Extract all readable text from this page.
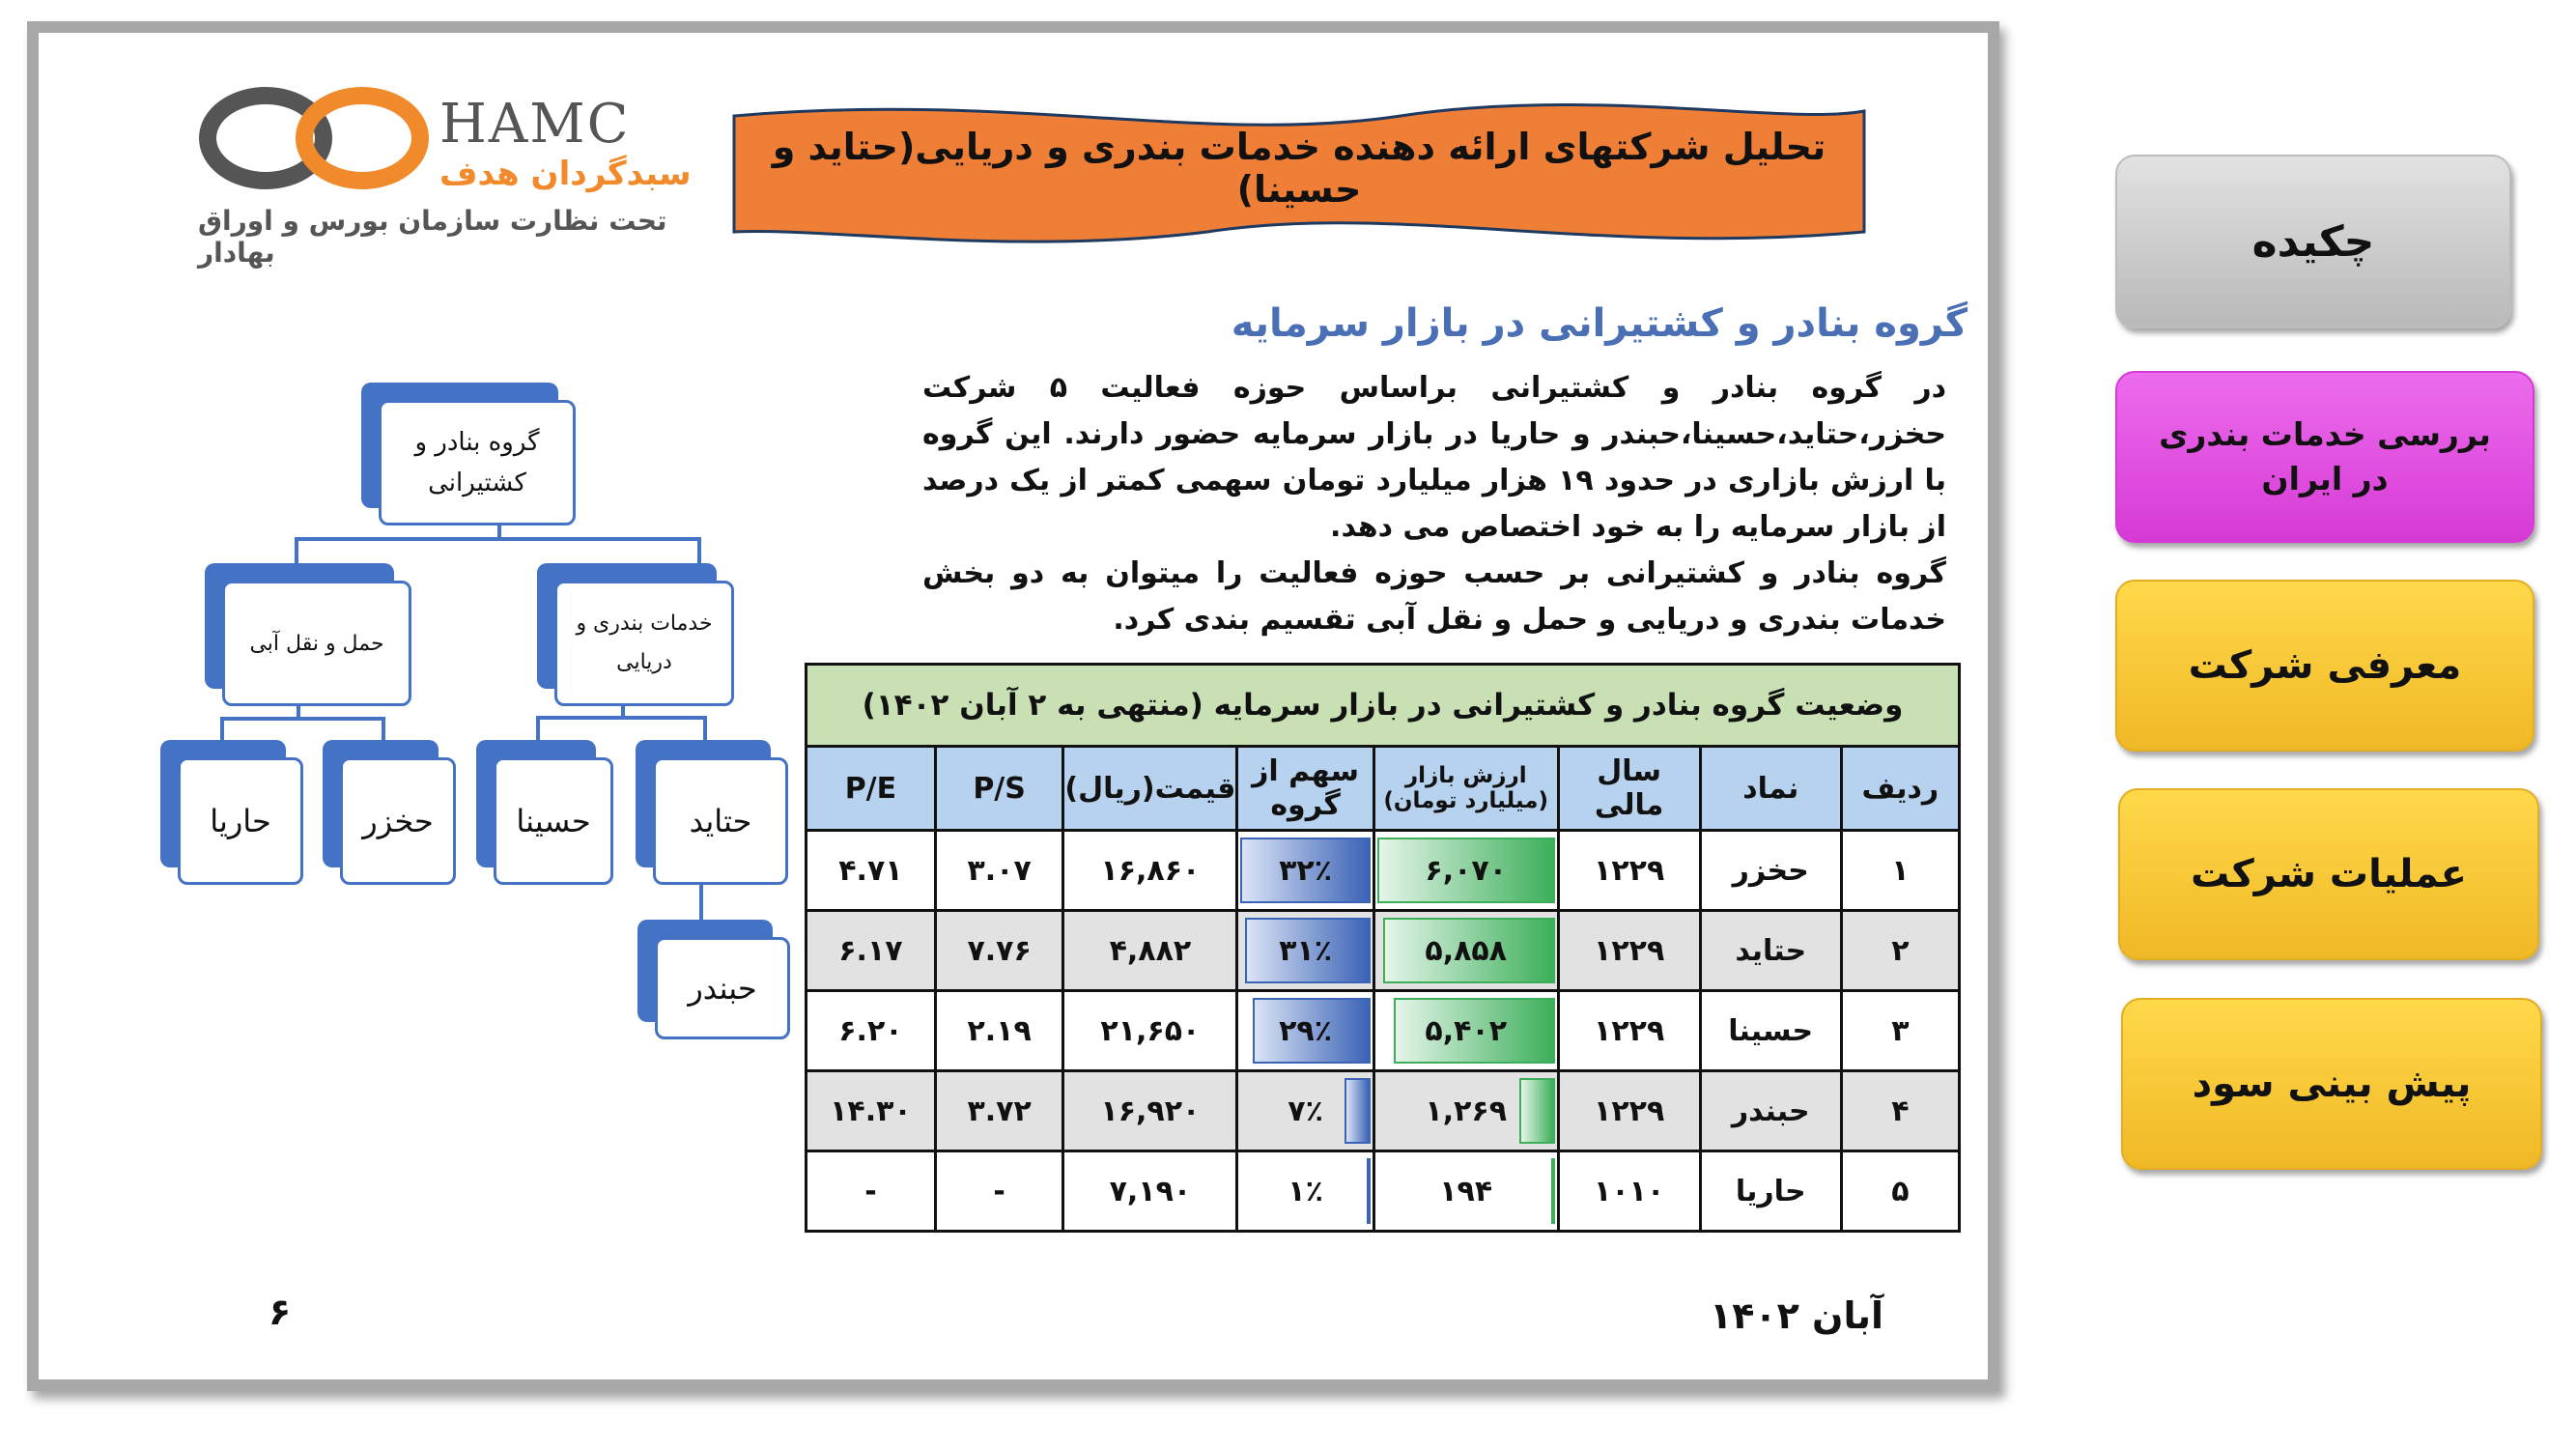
HAMC
سبدگردان هدف
تحت نظارت سازمان بورس و اوراق بهادار
تحلیل شرکتهای ارائه دهنده خدمات بندری و دریایی(حتاید و حسینا)
گروه بنادر و کشتیرانی در بازار سرمایه

در گروه بنادر و کشتیرانی براساس حوزه فعالیت ۵ شرکت حخزر،حتاید،حسینا،حبندر و حاریا در بازار سرمایه حضور دارند. این گروه با ارزش بازاری در حدود ۱۹ هزار میلیارد تومان سهمی کمتر از یک درصد از بازار سرمایه را به خود اختصاص می دهد.

گروه بنادر و کشتیرانی بر حسب حوزه فعالیت را میتوان به دو بخش خدمات بندری و دریایی و حمل و نقل آبی تقسیم بندی کرد.

وضعیت گروه بنادر و کشتیرانی در بازار سرمایه (منتهی به ۲ آبان ۱۴۰۲)							
ردیف	نماد	سال مالی	ارزش بازار (میلیارد تومان)	سهم از گروه	قیمت(ریال)	P/S	P/E
۱	حخزر	۱۲۲۹	۶,۰۷۰	۳۲٪	۱۶,۸۶۰	۳.۰۷	۴.۷۱
۲	حتاید	۱۲۲۹	۵,۸۵۸	۳۱٪	۴,۸۸۲	۷.۷۶	۶.۱۷
۳	حسینا	۱۲۲۹	۵,۴۰۲	۲۹٪	۲۱,۶۵۰	۲.۱۹	۶.۲۰
۴	حبندر	۱۲۲۹	۱,۲۶۹	۷٪	۱۶,۹۲۰	۳.۷۲	۱۴.۳۰
۵	حاریا	۱۰۱۰	۱۹۴	۱٪	۷,۱۹۰	-	-
گروه بنادر و کشتیرانی
حمل و نقل آبی
خدمات بندری و دریایی
حاریا	حخزر	حسینا	حتاید
حبندر
آبان ۱۴۰۲
۶
چکیده
بررسی خدمات بندری در ایران
معرفی شرکت
عملیات شرکت
پیش بینی سود
